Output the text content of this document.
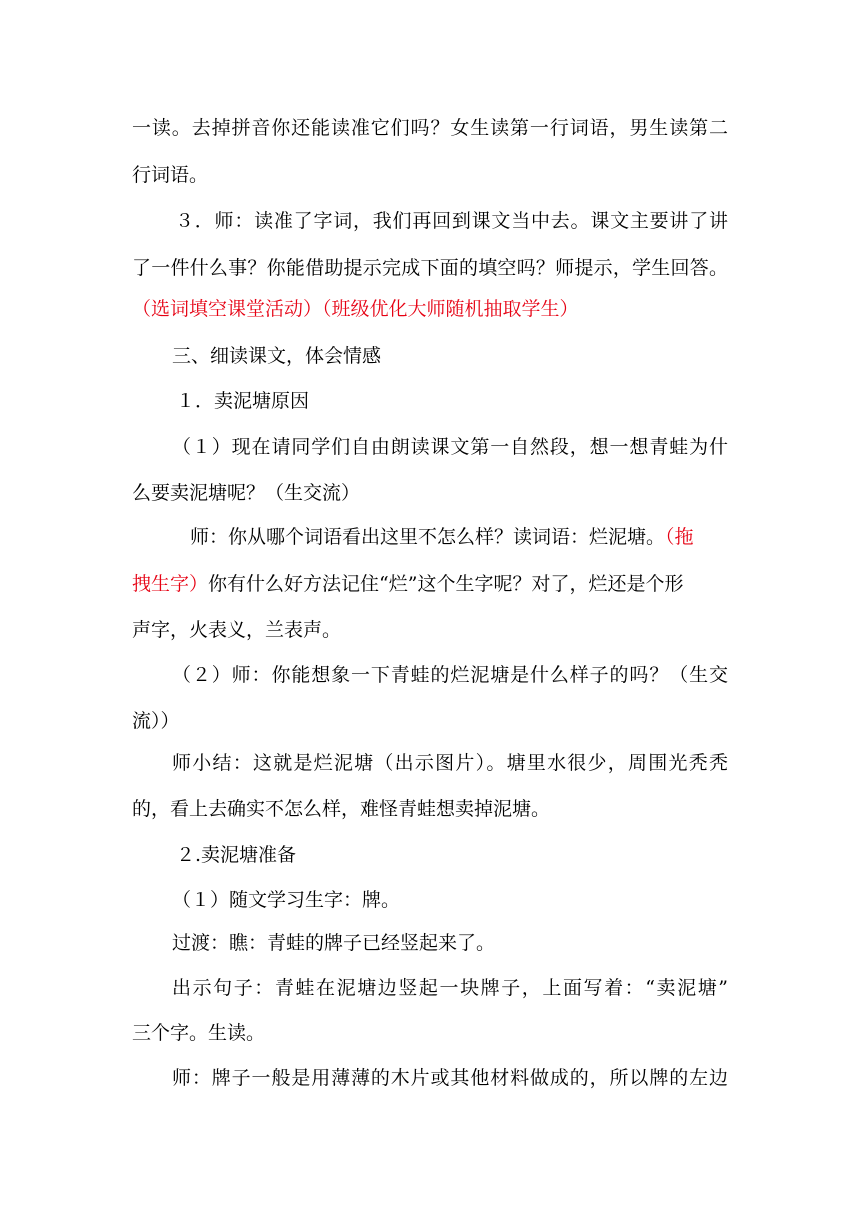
一读。去掉拼音你还能读准它们吗？女生读第一行词语，男生读第二
行词语。
３．师：读准了字词，我们再回到课文当中去。课文主要讲了讲
了一件什么事？你能借助提示完成下面的填空吗？师提示，学生回答。
（选词填空课堂活动）（班级优化大师随机抽取学生）
三、细读课文，体会情感
１．卖泥塘原因
（１）现在请同学们自由朗读课文第一自然段，想一想青蛙为什
么要卖泥塘呢？（生交流）
师：你从哪个词语看出这里不怎么样？读词语：烂泥塘。（拖
拽生字）你有什么好方法记住“烂”这个生字呢？对了，烂还是个形
声字，火表义，兰表声。
（２）师：你能想象一下青蛙的烂泥塘是什么样子的吗？（生交
流））
师小结：这就是烂泥塘（出示图片）。塘里水很少，周围光秃秃
的，看上去确实不怎么样，难怪青蛙想卖掉泥塘。
２.卖泥塘准备
（１）随文学习生字：牌。
过渡：瞧：青蛙的牌子已经竖起来了。
出示句子：青蛙在泥塘边竖起一块牌子，上面写着：“卖泥塘”
三个字。生读。
师：牌子一般是用薄薄的木片或其他材料做成的，所以牌的左边
